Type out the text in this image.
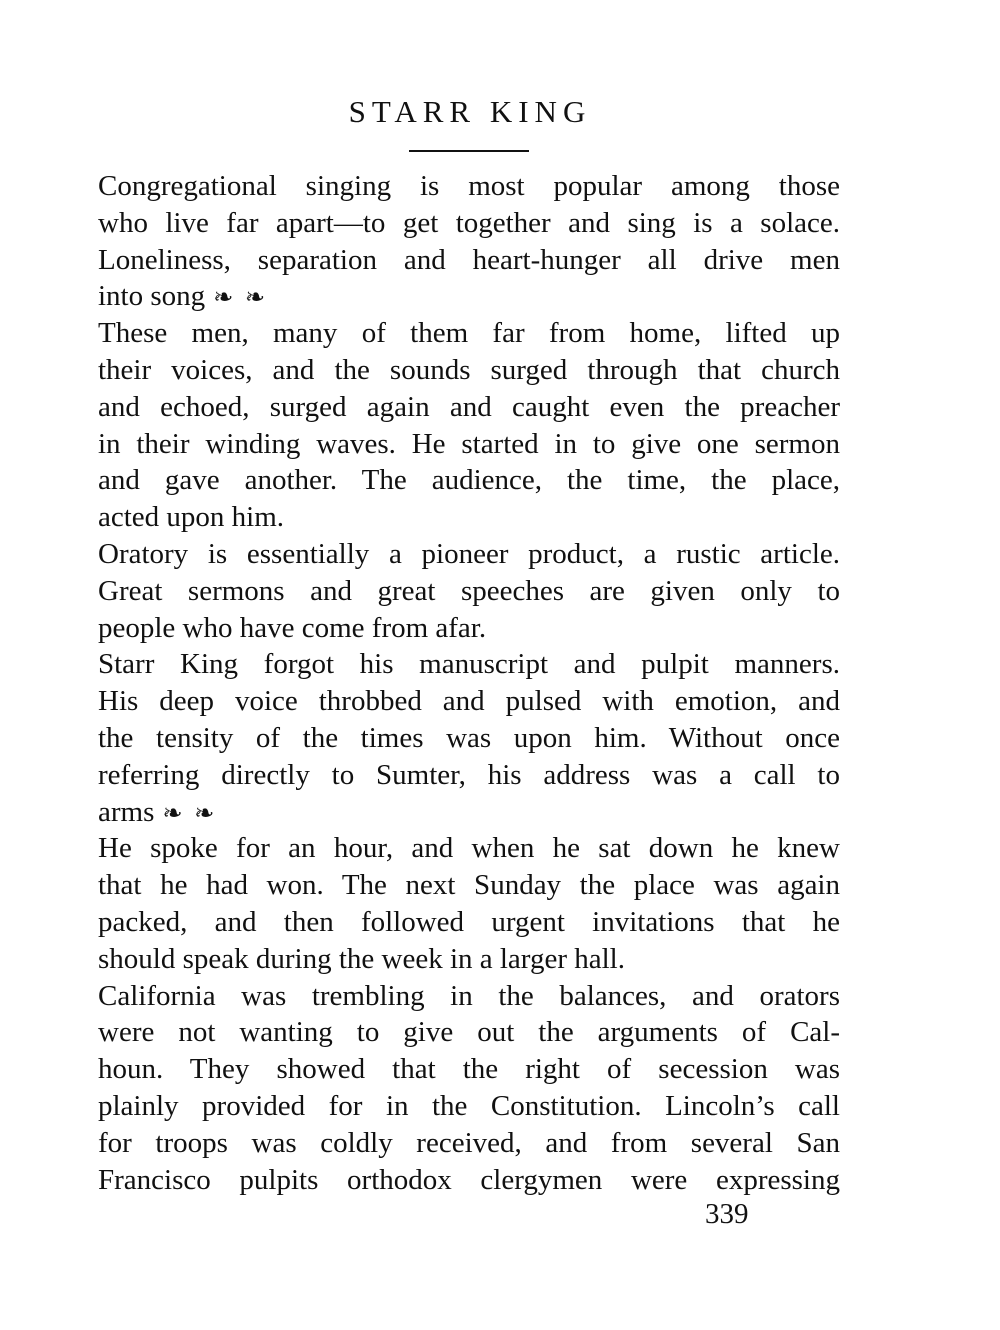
STARR KING
Congregational singing is most popular among those
who live far apart—to get together and sing is a solace.
Loneliness, separation and heart-hunger all drive men
into song ❧ ❧
These men, many of them far from home, lifted up
their voices, and the sounds surged through that church
and echoed, surged again and caught even the preacher
in their winding waves. He started in to give one sermon
and gave another. The audience, the time, the place,
acted upon him.
Oratory is essentially a pioneer product, a rustic article.
Great sermons and great speeches are given only to
people who have come from afar.
Starr King forgot his manuscript and pulpit manners.
His deep voice throbbed and pulsed with emotion, and
the tensity of the times was upon him. Without once
referring directly to Sumter, his address was a call to
arms ❧ ❧
He spoke for an hour, and when he sat down he knew
that he had won. The next Sunday the place was again
packed, and then followed urgent invitations that he
should speak during the week in a larger hall.
California was trembling in the balances, and orators
were not wanting to give out the arguments of Cal-
houn. They showed that the right of secession was
plainly provided for in the Constitution. Lincoln’s call
for troops was coldly received, and from several San
Francisco pulpits orthodox clergymen were expressing
339
